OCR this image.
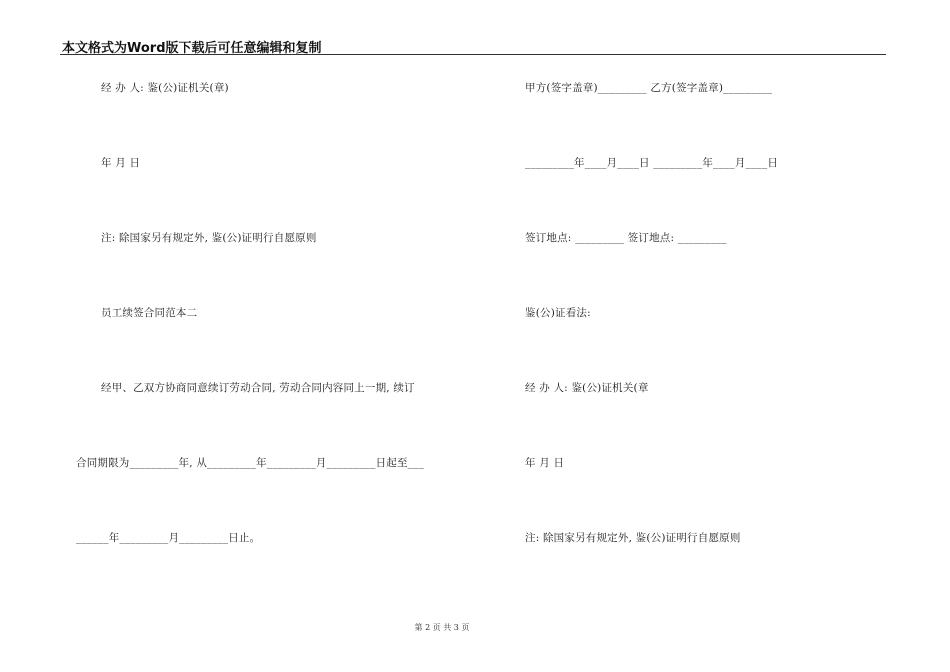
本文格式为Word版下载后可任意编辑和复制
经 办 人: 鉴(公)证机关(章)
年 月 日
注: 除国家另有规定外, 鉴(公)证明行自愿原则
员工续签合同范本二
经甲、乙双方协商同意续订劳动合同, 劳动合同内容同上一期, 续订
合同期限为_________年, 从_________年_________月_________日起至___
______年_________月_________日止。
甲方(签字盖章)_________ 乙方(签字盖章)_________
_________年____月____日 _________年____月____日
签订地点: _________ 签订地点: _________
鉴(公)证看法:
经 办 人: 鉴(公)证机关(章
年 月 日
注: 除国家另有规定外, 鉴(公)证明行自愿原则
第 2 页 共 3 页
